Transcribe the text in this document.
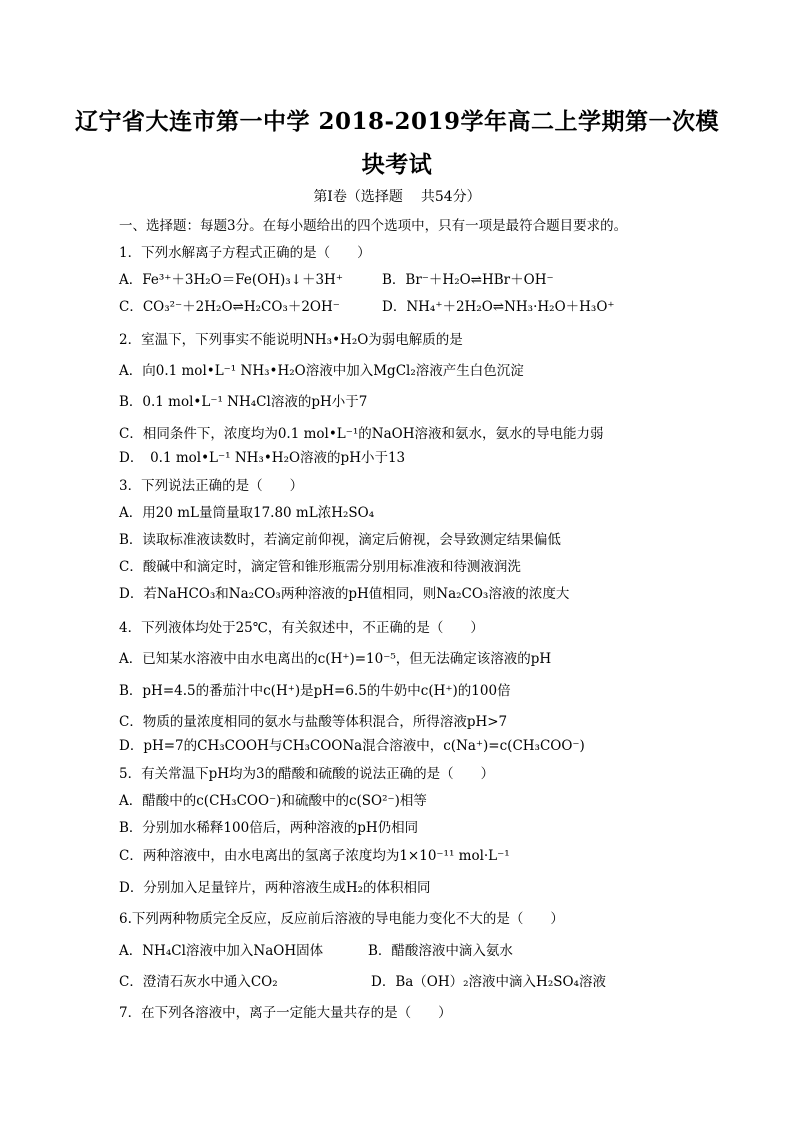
辽宁省大连市第一中学 2018-2019学年高二上学期第一次模
块考试
第Ⅰ卷（选择题 共54分）
一、选择题：每题3分。在每小题给出的四个选项中，只有一项是最符合题目要求的。
1．下列水解离子方程式正确的是（　　）
A．Fe³⁺＋3H₂O＝Fe(OH)₃↓＋3H⁺	B．Br⁻＋H₂O⇌HBr＋OH⁻
C．CO₃²⁻＋2H₂O⇌H₂CO₃＋2OH⁻	D．NH₄⁺＋2H₂O⇌NH₃·H₂O＋H₃O⁺
2．室温下，下列事实不能说明NH₃•H₂O为弱电解质的是
A．向0.1 mol•L⁻¹ NH₃•H₂O溶液中加入MgCl₂溶液产生白色沉淀
B．0.1 mol•L⁻¹ NH₄Cl溶液的pH小于7
C．相同条件下，浓度均为0.1 mol•L⁻¹的NaOH溶液和氨水，氨水的导电能力弱
D．　0.1 mol•L⁻¹ NH₃•H₂O溶液的pH小于13
3．下列说法正确的是（　　）
A．用20 mL量筒量取17.80 mL浓H₂SO₄
B．读取标准液读数时，若滴定前仰视，滴定后俯视，会导致测定结果偏低
C．酸碱中和滴定时，滴定管和锥形瓶需分别用标准液和待测液润洗
D．若NaHCO₃和Na₂CO₃两种溶液的pH值相同，则Na₂CO₃溶液的浓度大
4．下列液体均处于25℃，有关叙述中，不正确的是（　　）
A．已知某水溶液中由水电离出的c(H⁺)=10⁻⁵，但无法确定该溶液的pH
B．pH=4.5的番茄汁中c(H⁺)是pH=6.5的牛奶中c(H⁺)的100倍
C．物质的量浓度相同的氨水与盐酸等体积混合，所得溶液pH>7
D．pH=7的CH₃COOH与CH₃COONa混合溶液中，c(Na⁺)=c(CH₃COO⁻)
5．有关常温下pH均为3的醋酸和硫酸的说法正确的是（　　）
A．醋酸中的c(CH₃COO⁻)和硫酸中的c(SO²⁻)相等
B．分别加水稀释100倍后，两种溶液的pH仍相同
C．两种溶液中，由水电离出的氢离子浓度均为1×10⁻¹¹ mol·L⁻¹
D．分别加入足量锌片，两种溶液生成H₂的体积相同
6.下列两种物质完全反应，反应前后溶液的导电能力变化不大的是（　　）
A．NH₄Cl溶液中加入NaOH固体	B．醋酸溶液中滴入氨水
C．澄清石灰水中通入CO₂	D．Ba（OH）₂溶液中滴入H₂SO₄溶液
7．在下列各溶液中，离子一定能大量共存的是（　　）
